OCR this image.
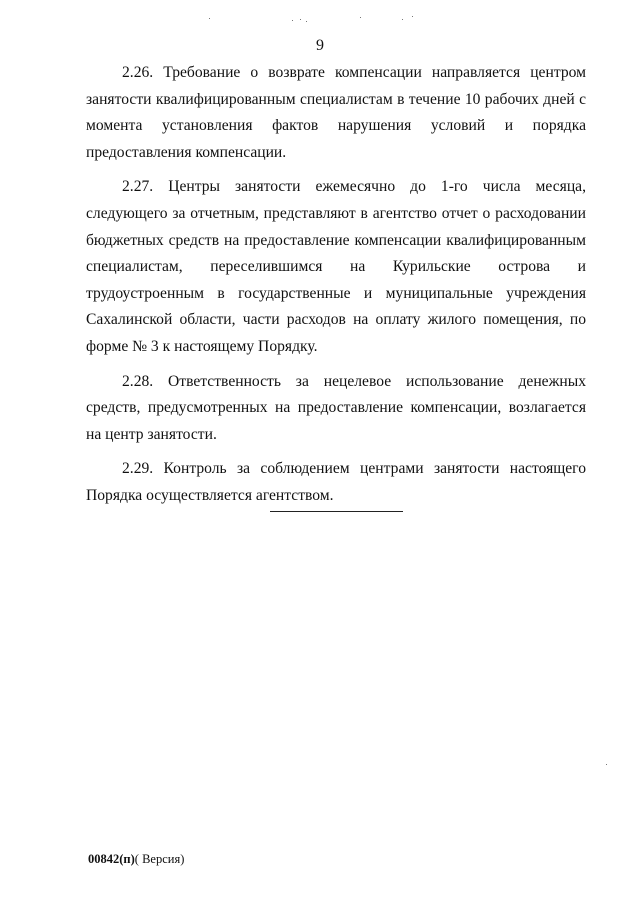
9

2.26. Требование о возврате компенсации направляется центром занятости квалифицированным специалистам в течение 10 рабочих дней с момента установления фактов нарушения условий и порядка предоставления компенсации.

2.27. Центры занятости ежемесячно до 1-го числа месяца, следующего за отчетным, представляют в агентство отчет о расходовании бюджетных средств на предоставление компенсации квалифицированным специалистам, переселившимся на Курильские острова и трудоустроенным в государственные и муниципальные учреждения Сахалинской области, части расходов на оплату жилого помещения, по форме № 3 к настоящему Порядку.

2.28. Ответственность за нецелевое использование денежных средств, предусмотренных на предоставление компенсации, возлагается на центр занятости.

2.29. Контроль за соблюдением центрами занятости настоящего Порядка осуществляется агентством.

00842(п)( Версия)
